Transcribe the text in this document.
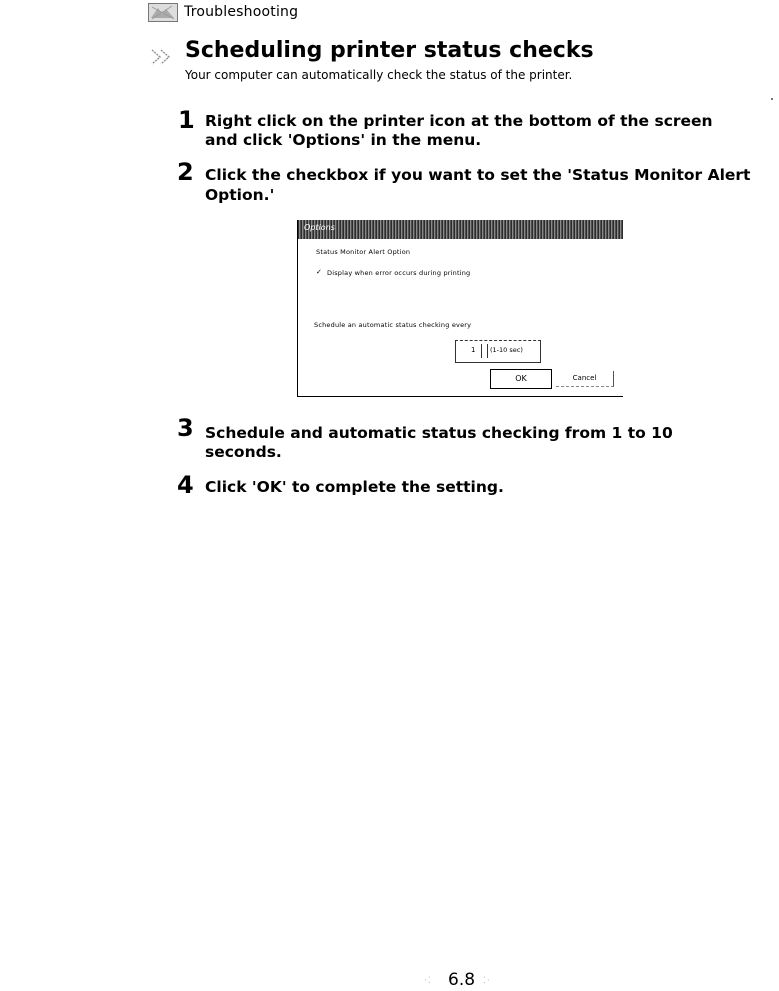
Troubleshooting
Scheduling printer status checks
Your computer can automatically check the status of the printer.
1 Right click on the printer icon at the bottom of the screen
and click 'Options' in the menu.
2 Click the checkbox if you want to set the 'Status Monitor Alert
Option.'
Options
Status Monitor Alert Option
✓ Display when error occurs during printing
Schedule an automatic status checking every
1 (1-10 sec)
OK	Cancel
3 Schedule and automatic status checking from 1 to 10
seconds.
4 Click 'OK' to complete the setting.
·⁚ 6.8 ⁚·
